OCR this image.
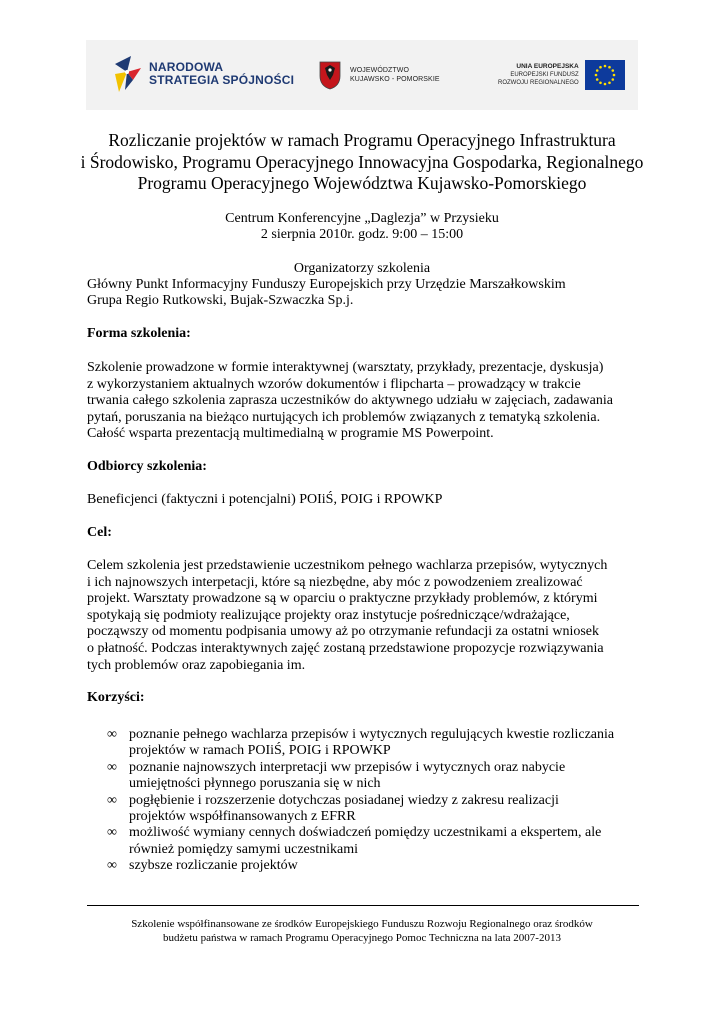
NARODOWA
STRATEGIA SPÓJNOŚCI
WOJEWÓDZTWO
KUJAWSKO - POMORSKIE
UNIA EUROPEJSKA
EUROPEJSKI FUNDUSZ
ROZWOJU REGIONALNEGO
Rozliczanie projektów w ramach Programu Operacyjnego Infrastruktura
i Środowisko, Programu Operacyjnego Innowacyjna Gospodarka, Regionalnego
Programu Operacyjnego Województwa Kujawsko-Pomorskiego
Centrum Konferencyjne „Daglezja” w Przysieku
2 sierpnia 2010r. godz. 9:00 – 15:00
Organizatorzy szkolenia
Główny Punkt Informacyjny Funduszy Europejskich przy Urzędzie Marszałkowskim
Grupa Regio Rutkowski, Bujak-Szwaczka Sp.j.
Forma szkolenia:
Szkolenie prowadzone w formie interaktywnej (warsztaty, przykłady, prezentacje, dyskusja)
z wykorzystaniem aktualnych wzorów dokumentów i flipcharta – prowadzący w trakcie
trwania całego szkolenia zaprasza uczestników do aktywnego udziału w zajęciach, zadawania
pytań, poruszania na bieżąco nurtujących ich problemów związanych z tematyką szkolenia.
Całość wsparta prezentacją multimedialną w programie MS Powerpoint.
Odbiorcy szkolenia:
Beneficjenci (faktyczni i potencjalni) POIiŚ, POIG i RPOWKP
Cel:
Celem szkolenia jest przedstawienie uczestnikom pełnego wachlarza przepisów, wytycznych
i ich najnowszych interpetacji, które są niezbędne, aby móc z powodzeniem zrealizować
projekt. Warsztaty prowadzone są w oparciu o praktyczne przykłady problemów, z którymi
spotykają się podmioty realizujące projekty oraz instytucje pośredniczące/wdrażające,
począwszy od momentu podpisania umowy aż po otrzymanie refundacji za ostatni wniosek
o płatność. Podczas interaktywnych zajęć zostaną przedstawione propozycje rozwiązywania
tych problemów oraz zapobiegania im.
Korzyści:
∞ poznanie pełnego wachlarza przepisów i wytycznych regulujących kwestie rozliczania
projektów w ramach POIiŚ, POIG i RPOWKP
∞ poznanie najnowszych interpretacji ww przepisów i wytycznych oraz nabycie
umiejętności płynnego poruszania się w nich
∞ pogłębienie i rozszerzenie dotychczas posiadanej wiedzy z zakresu realizacji
projektów współfinansowanych z EFRR
∞ możliwość wymiany cennych doświadczeń pomiędzy uczestnikami a ekspertem, ale
również pomiędzy samymi uczestnikami
∞ szybsze rozliczanie projektów
Szkolenie współfinansowane ze środków Europejskiego Funduszu Rozwoju Regionalnego oraz środków
budżetu państwa w ramach Programu Operacyjnego Pomoc Techniczna na lata 2007-2013
